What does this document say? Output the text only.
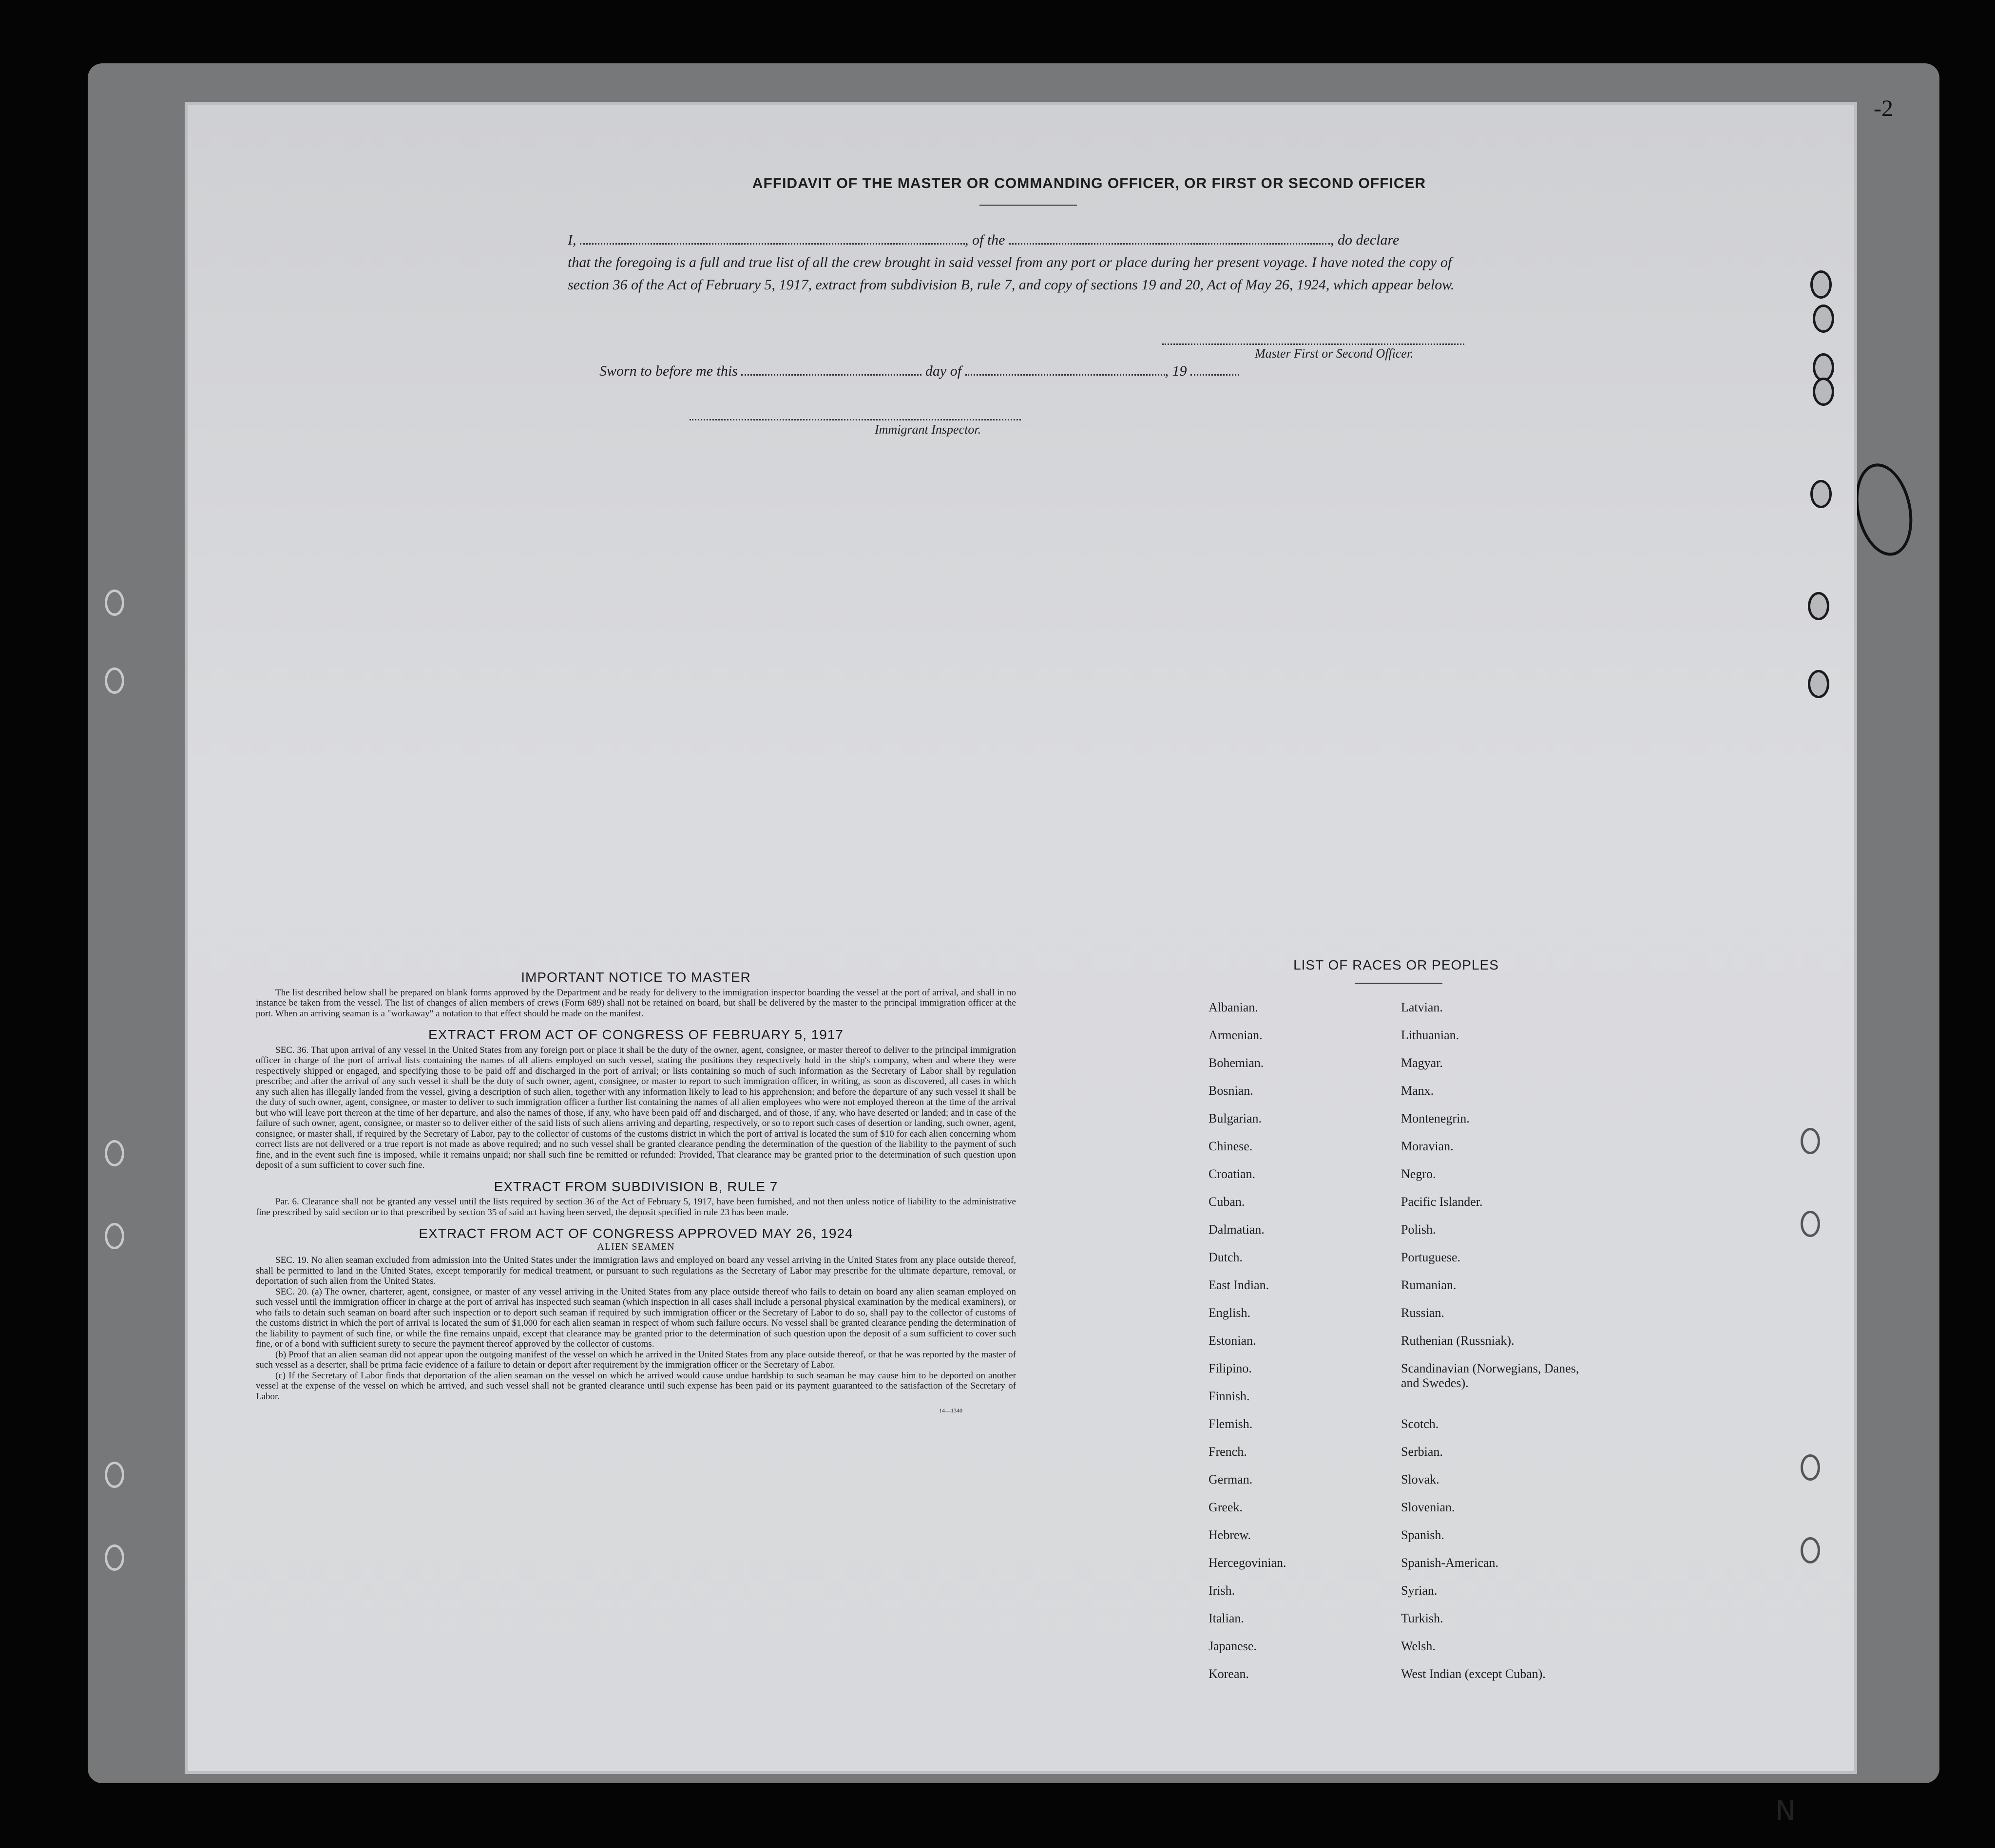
-2
AFFIDAVIT OF THE MASTER OR COMMANDING OFFICER, OR FIRST OR SECOND OFFICER
I,	, of the	, do declare
that the foregoing is a full and true list of all the crew brought in said vessel from any port or place during her present voyage. I have noted the copy of section 36 of the Act of February 5, 1917, extract from subdivision B, rule 7, and copy of sections 19 and 20, Act of May 26, 1924, which appear below.
Master First or Second Officer.
Sworn to before me this	day of	, 19
Immigrant Inspector.
IMPORTANT NOTICE TO MASTER

The list described below shall be prepared on blank forms approved by the Department and be ready for delivery to the immigration inspector boarding the vessel at the port of arrival, and shall in no instance be taken from the vessel. The list of changes of alien members of crews (Form 689) shall not be retained on board, but shall be delivered by the master to the principal immigration officer at the port. When an arriving seaman is a "workaway" a notation to that effect should be made on the manifest.

EXTRACT FROM ACT OF CONGRESS OF FEBRUARY 5, 1917

SEC. 36. That upon arrival of any vessel in the United States from any foreign port or place it shall be the duty of the owner, agent, consignee, or master thereof to deliver to the principal immigration officer in charge of the port of arrival lists containing the names of all aliens employed on such vessel, stating the positions they respectively hold in the ship's company, when and where they were respectively shipped or engaged, and specifying those to be paid off and discharged in the port of arrival; or lists containing so much of such information as the Secretary of Labor shall by regulation prescribe; and after the arrival of any such vessel it shall be the duty of such owner, agent, consignee, or master to report to such immigration officer, in writing, as soon as discovered, all cases in which any such alien has illegally landed from the vessel, giving a description of such alien, together with any information likely to lead to his apprehension; and before the departure of any such vessel it shall be the duty of such owner, agent, consignee, or master to deliver to such immigration officer a further list containing the names of all alien employees who were not employed thereon at the time of the arrival but who will leave port thereon at the time of her departure, and also the names of those, if any, who have been paid off and discharged, and of those, if any, who have deserted or landed; and in case of the failure of such owner, agent, consignee, or master so to deliver either of the said lists of such aliens arriving and departing, respectively, or so to report such cases of desertion or landing, such owner, agent, consignee, or master shall, if required by the Secretary of Labor, pay to the collector of customs of the customs district in which the port of arrival is located the sum of $10 for each alien concerning whom correct lists are not delivered or a true report is not made as above required; and no such vessel shall be granted clearance pending the determination of the question of the liability to the payment of such fine, and in the event such fine is imposed, while it remains unpaid; nor shall such fine be remitted or refunded: Provided, That clearance may be granted prior to the determination of such question upon deposit of a sum sufficient to cover such fine.

EXTRACT FROM SUBDIVISION B, RULE 7

Par. 6. Clearance shall not be granted any vessel until the lists required by section 36 of the Act of February 5, 1917, have been furnished, and not then unless notice of liability to the administrative fine prescribed by said section or to that prescribed by section 35 of said act having been served, the deposit specified in rule 23 has been made.

EXTRACT FROM ACT OF CONGRESS APPROVED MAY 26, 1924
ALIEN SEAMEN

SEC. 19. No alien seaman excluded from admission into the United States under the immigration laws and employed on board any vessel arriving in the United States from any place outside thereof, shall be permitted to land in the United States, except temporarily for medical treatment, or pursuant to such regulations as the Secretary of Labor may prescribe for the ultimate departure, removal, or deportation of such alien from the United States.

SEC. 20. (a) The owner, charterer, agent, consignee, or master of any vessel arriving in the United States from any place outside thereof who fails to detain on board any alien seaman employed on such vessel until the immigration officer in charge at the port of arrival has inspected such seaman (which inspection in all cases shall include a personal physical examination by the medical examiners), or who fails to detain such seaman on board after such inspection or to deport such seaman if required by such immigration officer or the Secretary of Labor to do so, shall pay to the collector of customs of the customs district in which the port of arrival is located the sum of $1,000 for each alien seaman in respect of whom such failure occurs. No vessel shall be granted clearance pending the determination of the liability to payment of such fine, or while the fine remains unpaid, except that clearance may be granted prior to the determination of such question upon the deposit of a sum sufficient to cover such fine, or of a bond with sufficient surety to secure the payment thereof approved by the collector of customs.

(b) Proof that an alien seaman did not appear upon the outgoing manifest of the vessel on which he arrived in the United States from any place outside thereof, or that he was reported by the master of such vessel as a deserter, shall be prima facie evidence of a failure to detain or deport after requirement by the immigration officer or the Secretary of Labor.

(c) If the Secretary of Labor finds that deportation of the alien seaman on the vessel on which he arrived would cause undue hardship to such seaman he may cause him to be deported on another vessel at the expense of the vessel on which he arrived, and such vessel shall not be granted clearance until such expense has been paid or its payment guaranteed to the satisfaction of the Secretary of Labor.

14—1340
LIST OF RACES OR PEOPLES
Albanian.
Armenian.
Bohemian.
Bosnian.
Bulgarian.
Chinese.
Croatian.
Cuban.
Dalmatian.
Dutch.
East Indian.
English.
Estonian.
Filipino.
Finnish.
Flemish.
French.
German.
Greek.
Hebrew.
Hercegovinian.
Irish.
Italian.
Japanese.
Korean.
Latvian.
Lithuanian.
Magyar.
Manx.
Montenegrin.
Moravian.
Negro.
Pacific Islander.
Polish.
Portuguese.
Rumanian.
Russian.
Ruthenian (Russniak).
Scandinavian (Norwegians, Danes, and Swedes).
Scotch.
Serbian.
Slovak.
Slovenian.
Spanish.
Spanish-American.
Syrian.
Turkish.
Welsh.
West Indian (except Cuban).
N
